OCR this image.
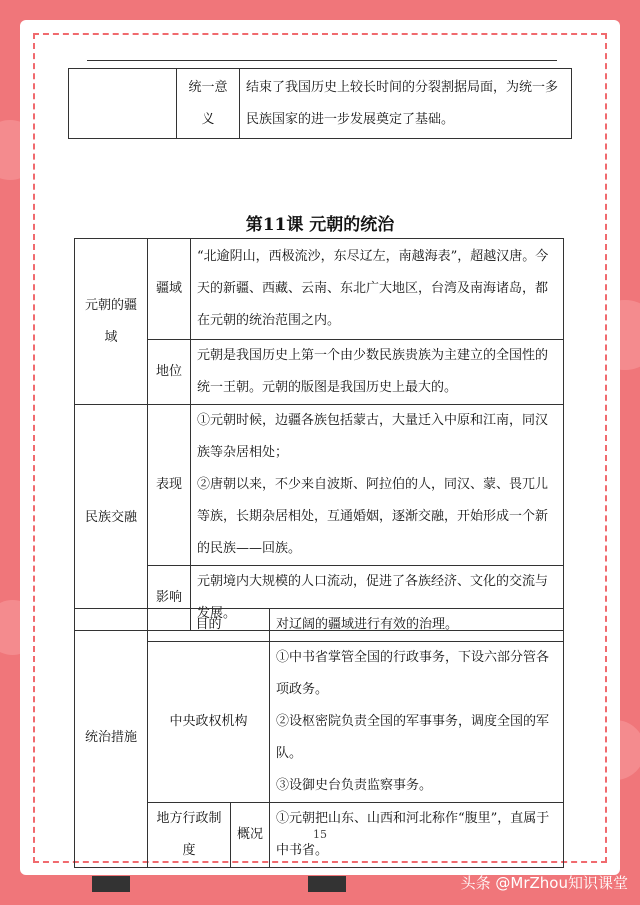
	统一意义	结束了我国历史上较长时间的分裂割据局面，为统一多民族国家的进一步发展奠定了基础。
第11课 元朝的统治
元朝的疆域	疆域	“北逾阴山，西极流沙，东尽辽左，南越海表”，超越汉唐。今天的新疆、西藏、云南、东北广大地区，台湾及南海诸岛，都在元朝的统治范围之内。
	地位	元朝是我国历史上第一个由少数民族贵族为主建立的全国性的统一王朝。元朝的版图是我国历史上最大的。
民族交融	表现	①元朝时候，边疆各族包括蒙古，大量迁入中原和江南，同汉族等杂居相处；
②唐朝以来，不少来自波斯、阿拉伯的人，同汉、蒙、畏兀儿等族，长期杂居相处，互通婚姻，逐渐交融，开始形成一个新的民族——回族。

	影响	元朝境内大规模的人口流动，促进了各族经济、文化的交流与发展。
统治措施	目的		对辽阔的疆域进行有效的治理。
	中央政权机构		①中书省掌管全国的行政事务，下设六部分管各项政务。
②设枢密院负责全国的军事事务，调度全国的军队。
③设御史台负责监察事务。

	地方行政制度	概况	①元朝把山东、山西和河北称作“腹里”，直属于中书省。
15
头条 @MrZhou知识课堂
